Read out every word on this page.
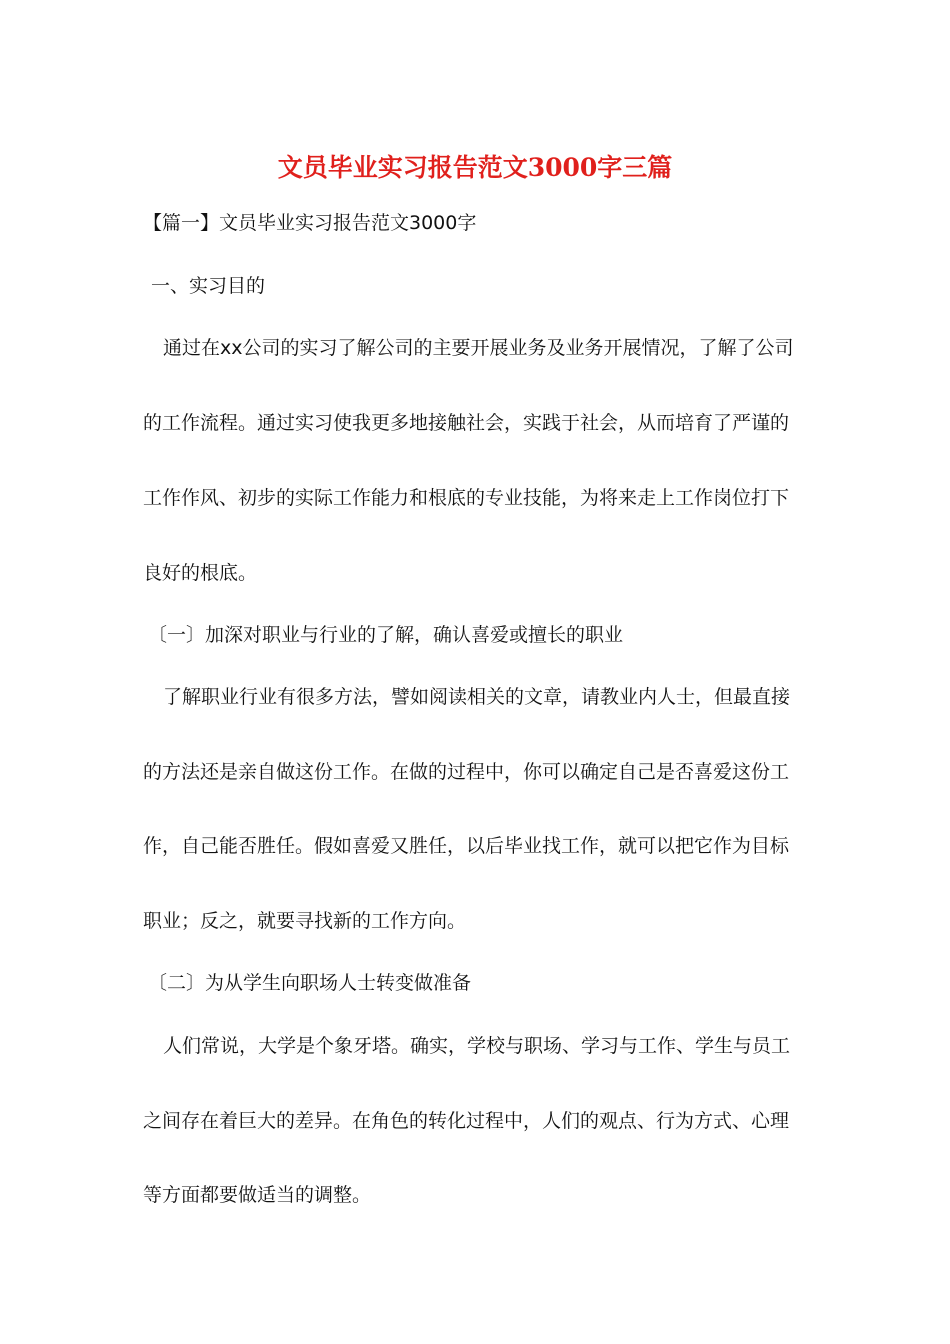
文员毕业实习报告范文3000字三篇
【篇一】文员毕业实习报告范文3000字
一、实习目的
通过在xx公司的实习了解公司的主要开展业务及业务开展情况，了解了公司
的工作流程。通过实习使我更多地接触社会，实践于社会，从而培育了严谨的
工作作风、初步的实际工作能力和根底的专业技能，为将来走上工作岗位打下
良好的根底。
〔一〕加深对职业与行业的了解，确认喜爱或擅长的职业
了解职业行业有很多方法，譬如阅读相关的文章，请教业内人士，但最直接
的方法还是亲自做这份工作。在做的过程中，你可以确定自己是否喜爱这份工
作，自己能否胜任。假如喜爱又胜任，以后毕业找工作，就可以把它作为目标
职业；反之，就要寻找新的工作方向。
〔二〕为从学生向职场人士转变做准备
人们常说，大学是个象牙塔。确实，学校与职场、学习与工作、学生与员工
之间存在着巨大的差异。在角色的转化过程中，人们的观点、行为方式、心理
等方面都要做适当的调整。
